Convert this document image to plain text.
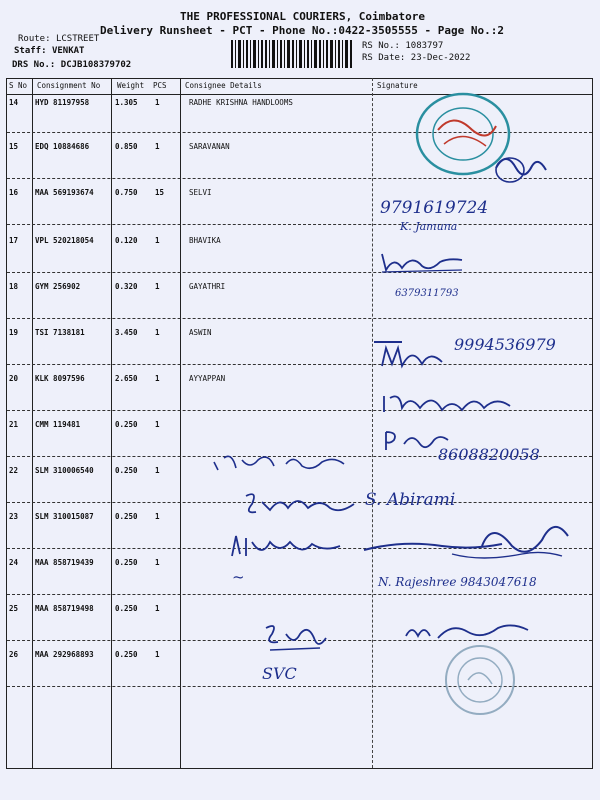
THE PROFESSIONAL COURIERS, Coimbatore
Delivery Runsheet - PCT - Phone No.:0422-3505555 - Page No.:2
Route: LCSTREET
Staff: VENKAT
DRS No.: DCJB108379702
RS No.: 1083797
RS Date: 23-Dec-2022
S No Consignment No Weight PCS Consignee Details	Signature
14 HYD 81197958	1.305 1	RADHE KRISHNA HANDLOOMS
15 EDQ 10884686	0.850 1	SARAVANAN
16 MAA 569193674	0.750 15	SELVI
17 VPL 520218054	0.120 1	BHAVIKA
18 GYM 256902	0.320 1	GAYATHRI
19 TSI 7138181	3.450 1	ASWIN
20 KLK 8097596	2.650 1	AYYAPPAN
21 CMM 119481	0.250 1
22 SLM 310006540	0.250 1
23 SLM 310015087	0.250 1
24 MAA 858719439	0.250 1
25 MAA 858719498	0.250 1
26 MAA 292968893	0.250 1
9791619724
K. Jamuna
6379311793
9994536979
8608820058
S. Abirami
~	N. Rajeshree 9843047618
SVC
